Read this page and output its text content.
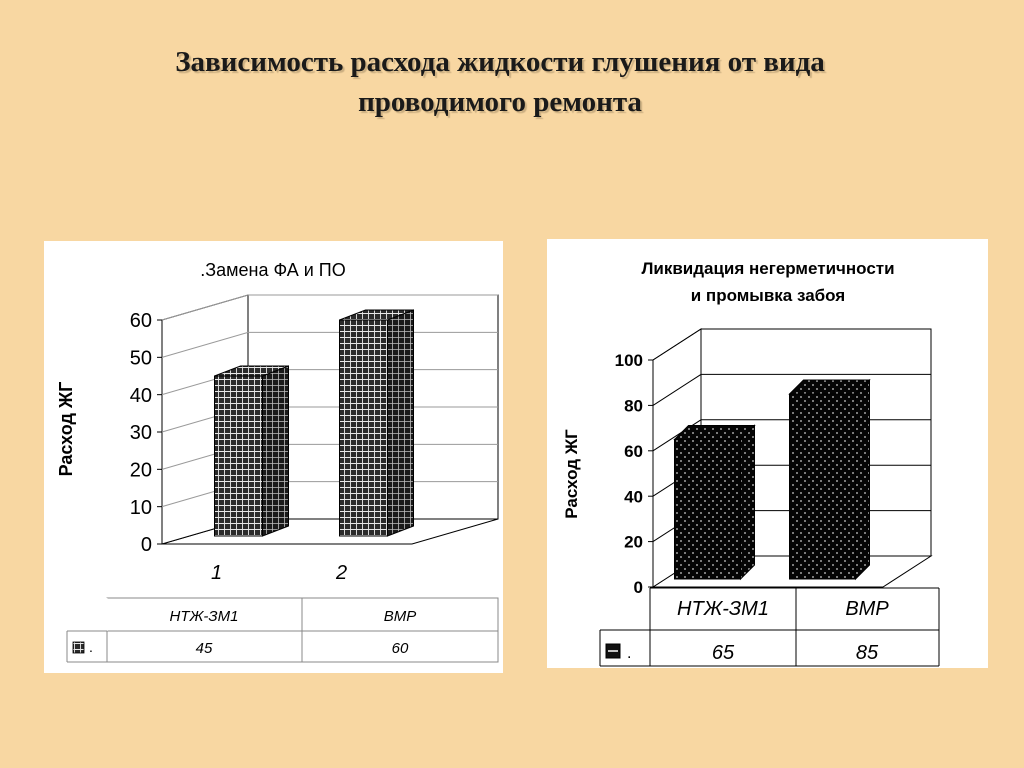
Зависимость расхода жидкости глушения от вида
проводимого ремонта
.Замена ФА и ПО
Расход ЖГ
0
10
20
30
40
50
60
1	2
.
НТЖ-ЗМ1	ВМР
45	60
Ликвидация негерметичности
и промывка забоя
Расход ЖГ
0
20
40
60
80
100
.
НТЖ-ЗМ1	ВМР
65	85
